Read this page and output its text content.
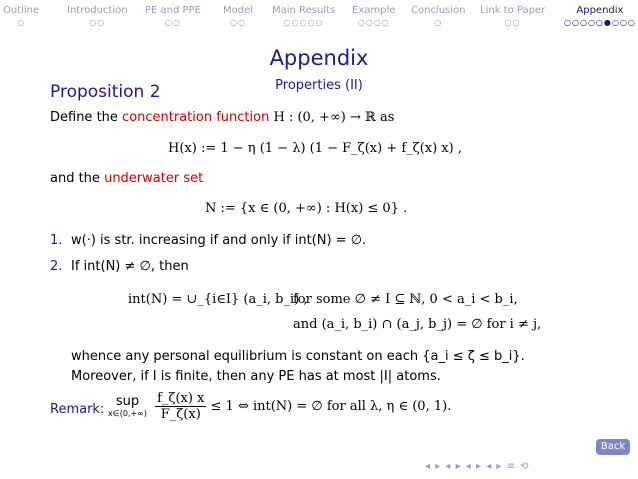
Outline
○
Introduction
○○
PE and PPE
○○
Model
○○
Main Results
○○○○○
Example
○○○○
Conclusion
○
Link to Paper
○○
Appendix
○○○○○●○○○
Appendix
Properties (II)
Proposition 2
Define the concentration function H : (0, +∞) → ℝ as
H(x) := 1 − η (1 − λ) (1 − F_ζ(x) + f_ζ(x) x) ,
and the underwater set
N := {x ∈ (0, +∞) : H(x) ≤ 0} .
1. w(·) is str. increasing if and only if int(N) = ∅.
2. If int(N) ≠ ∅, then
int(N) = ∪_{i∈I} (a_i, b_i) ,
for some ∅ ≠ I ⊆ ℕ, 0 < a_i < b_i,
and (a_i, b_i) ∩ (a_j, b_j) = ∅ for i ≠ j,
whence any personal equilibrium is constant on each {a_i ≤ ζ ≤ b_i}.
Moreover, if I is finite, then any PE has at most |I| atoms.
Remark:
sup
x∈(0,+∞)
$\frac{f\_\zeta(x) x}{F\_\zeta(x)} \le 1$ ⇔ int(N) = ∅ for all λ, η ∈ (0, 1).
Back
◂ ▸ ◂ ▸ ◂ ▸ ◂ ▸ ≡ ⟲
